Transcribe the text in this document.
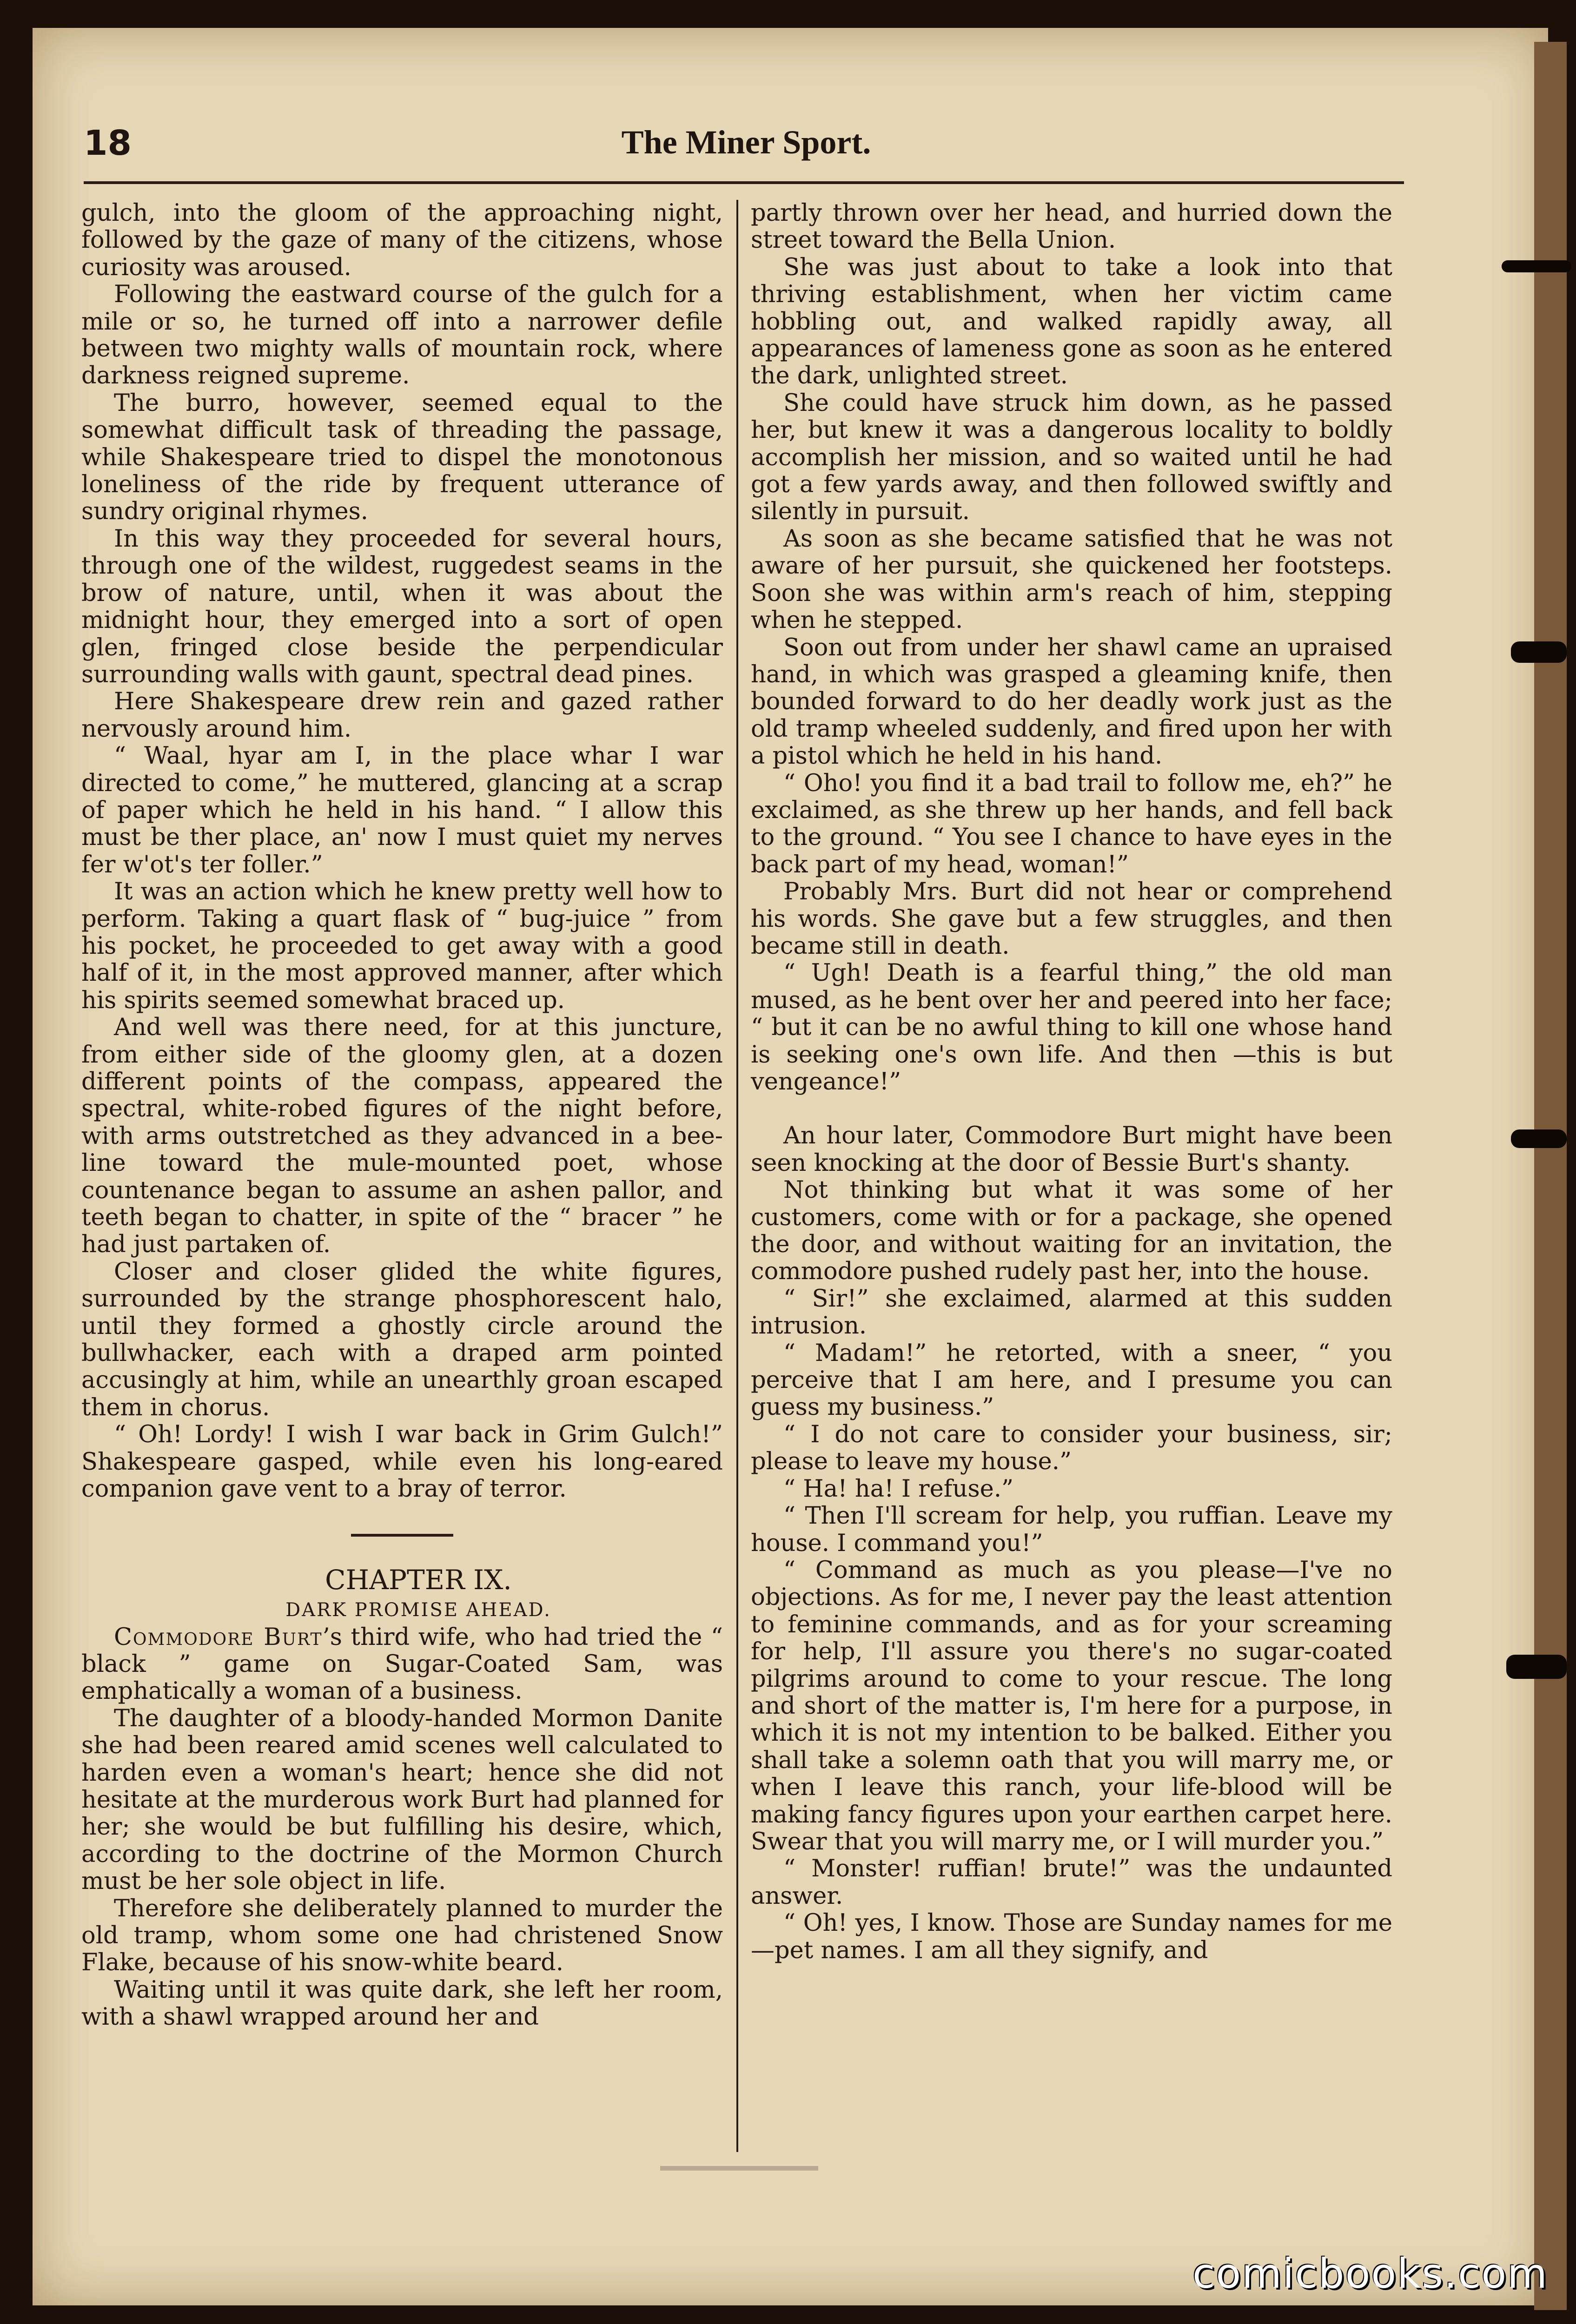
18	The Miner Sport.

gulch, into the gloom of the approaching night, followed by the gaze of many of the citizens, whose curiosity was aroused.

Following the eastward course of the gulch for a mile or so, he turned off into a narrower defile between two mighty walls of mountain rock, where darkness reigned supreme.

The burro, however, seemed equal to the somewhat difficult task of threading the passage, while Shakespeare tried to dispel the monotonous loneliness of the ride by frequent utterance of sundry original rhymes.

In this way they proceeded for several hours, through one of the wildest, ruggedest seams in the brow of nature, until, when it was about the midnight hour, they emerged into a sort of open glen, fringed close beside the perpendicular surrounding walls with gaunt, spectral dead pines.

Here Shakespeare drew rein and gazed rather nervously around him.

“ Waal, hyar am I, in the place whar I war directed to come,” he muttered, glancing at a scrap of paper which he held in his hand. “ I allow this must be ther place, an' now I must quiet my nerves fer w'ot's ter foller.”

It was an action which he knew pretty well how to perform. Taking a quart flask of “ bug-juice ” from his pocket, he proceeded to get away with a good half of it, in the most approved manner, after which his spirits seemed somewhat braced up.

And well was there need, for at this juncture, from either side of the gloomy glen, at a dozen different points of the compass, appeared the spectral, white-robed figures of the night before, with arms outstretched as they advanced in a bee-line toward the mule-mounted poet, whose countenance began to assume an ashen pallor, and teeth began to chatter, in spite of the “ bracer ” he had just partaken of.

Closer and closer glided the white figures, surrounded by the strange phosphorescent halo, until they formed a ghostly circle around the bullwhacker, each with a draped arm pointed accusingly at him, while an unearthly groan escaped them in chorus.

“ Oh! Lordy! I wish I war back in Grim Gulch!” Shakespeare gasped, while even his long-eared companion gave vent to a bray of terror.

CHAPTER IX.

DARK PROMISE AHEAD.

Commodore Burt’s third wife, who had tried the “ black ” game on Sugar-Coated Sam, was emphatically a woman of a business.

The daughter of a bloody-handed Mormon Danite she had been reared amid scenes well calculated to harden even a woman's heart; hence she did not hesitate at the murderous work Burt had planned for her; she would be but fulfilling his desire, which, according to the doctrine of the Mormon Church must be her sole object in life.

Therefore she deliberately planned to murder the old tramp, whom some one had christened Snow Flake, because of his snow-white beard.

Waiting until it was quite dark, she left her room, with a shawl wrapped around her and

partly thrown over her head, and hurried down the street toward the Bella Union.

She was just about to take a look into that thriving establishment, when her victim came hobbling out, and walked rapidly away, all appearances of lameness gone as soon as he entered the dark, unlighted street.

She could have struck him down, as he passed her, but knew it was a dangerous locality to boldly accomplish her mission, and so waited until he had got a few yards away, and then followed swiftly and silently in pursuit.

As soon as she became satisfied that he was not aware of her pursuit, she quickened her footsteps. Soon she was within arm's reach of him, stepping when he stepped.

Soon out from under her shawl came an upraised hand, in which was grasped a gleaming knife, then bounded forward to do her deadly work just as the old tramp wheeled suddenly, and fired upon her with a pistol which he held in his hand.

“ Oho! you find it a bad trail to follow me, eh?” he exclaimed, as she threw up her hands, and fell back to the ground. “ You see I chance to have eyes in the back part of my head, woman!”

Probably Mrs. Burt did not hear or comprehend his words. She gave but a few struggles, and then became still in death.

“ Ugh! Death is a fearful thing,” the old man mused, as he bent over her and peered into her face; “ but it can be no awful thing to kill one whose hand is seeking one's own life. And then —this is but vengeance!”

An hour later, Commodore Burt might have been seen knocking at the door of Bessie Burt's shanty.

Not thinking but what it was some of her customers, come with or for a package, she opened the door, and without waiting for an invitation, the commodore pushed rudely past her, into the house.

“ Sir!” she exclaimed, alarmed at this sudden intrusion.

“ Madam!” he retorted, with a sneer, “ you perceive that I am here, and I presume you can guess my business.”

“ I do not care to consider your business, sir; please to leave my house.”

“ Ha! ha! I refuse.”

“ Then I'll scream for help, you ruffian. Leave my house. I command you!”

“ Command as much as you please—I've no objections. As for me, I never pay the least attention to feminine commands, and as for your screaming for help, I'll assure you there's no sugar-coated pilgrims around to come to your rescue. The long and short of the matter is, I'm here for a purpose, in which it is not my intention to be balked. Either you shall take a solemn oath that you will marry me, or when I leave this ranch, your life-blood will be making fancy figures upon your earthen carpet here. Swear that you will marry me, or I will murder you.”

“ Monster! ruffian! brute!” was the undaunted answer.

“ Oh! yes, I know. Those are Sunday names for me—pet names. I am all they signify, and

comicbooks.com
